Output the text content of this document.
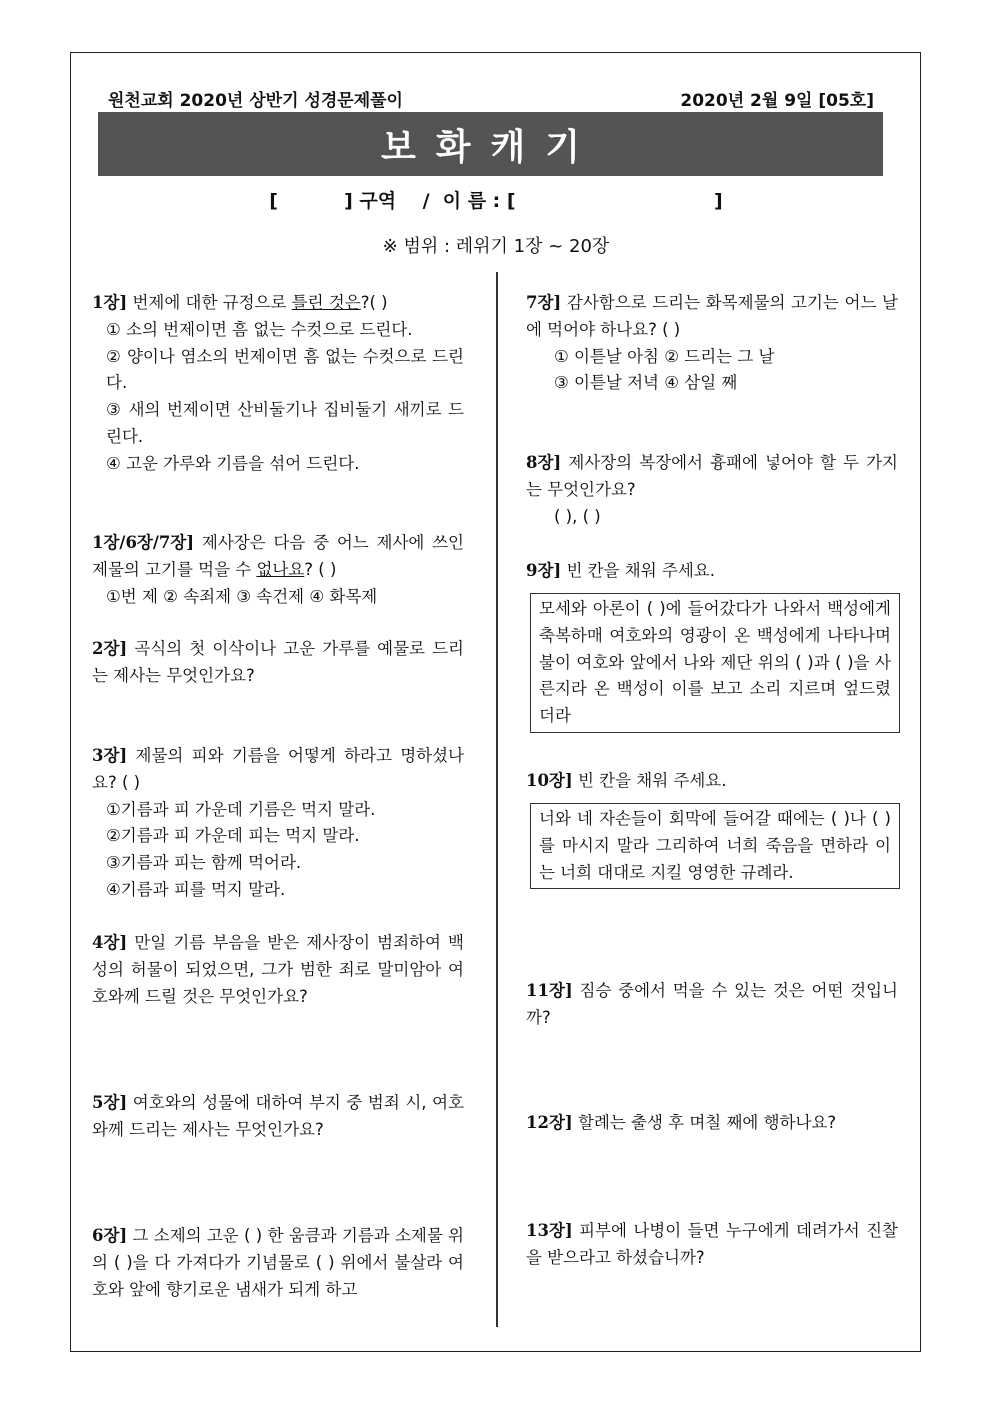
원천교회 2020년 상반기 성경문제풀이	2020년 2월 9일 [05호]
보화캐기
[          ] 구역    /  이 름 : [                              ]
※ 범위 : 레위기 1장 ~ 20장

1장] 번제에 대한 규정으로 틀린 것은?( )

① 소의 번제이면 흠 없는 수컷으로 드린다.

② 양이나 염소의 번제이면 흠 없는 수컷으로 드린다.

③ 새의 번제이면 산비둘기나 집비둘기 새끼로 드린다.

④ 고운 가루와 기름을 섞어 드린다.

1장/6장/7장] 제사장은 다음 중 어느 제사에 쓰인 제물의 고기를 먹을 수 없나요? ( )

①번 제 ② 속죄제 ③ 속건제 ④ 화목제

2장] 곡식의 첫 이삭이나 고운 가루를 예물로 드리는 제사는 무엇인가요?

3장] 제물의 피와 기름을 어떻게 하라고 명하셨나요? ( )

①기름과 피 가운데 기름은 먹지 말라.

②기름과 피 가운데 피는 먹지 말라.

③기름과 피는 함께 먹어라.

④기름과 피를 먹지 말라.

4장] 만일 기름 부음을 받은 제사장이 범죄하여 백성의 허물이 되었으면, 그가 범한 죄로 말미암아 여호와께 드릴 것은 무엇인가요?

5장] 여호와의 성물에 대하여 부지 중 범죄 시, 여호와께 드리는 제사는 무엇인가요?

6장] 그 소제의 고운 ( ) 한 움큼과 기름과 소제물 위의 ( )을 다 가져다가 기념물로 ( ) 위에서 불살라 여호와 앞에 향기로운 냄새가 되게 하고

7장] 감사함으로 드리는 화목제물의 고기는 어느 날에 먹어야 하나요? ( )

① 이튿날 아침 ② 드리는 그 날

③ 이튿날 저녁 ④ 삼일 째

8장] 제사장의 복장에서 흉패에 넣어야 할 두 가지는 무엇인가요?

( ), ( )

9장] 빈 칸을 채워 주세요.

모세와 아론이 ( )에 들어갔다가 나와서 백성에게 축복하매 여호와의 영광이 온 백성에게 나타나며 불이 여호와 앞에서 나와 제단 위의 ( )과 ( )을 사른지라 온 백성이 이를 보고 소리 지르며 엎드렸더라

10장] 빈 칸을 채워 주세요.

너와 네 자손들이 회막에 들어갈 때에는 ( )나 ( )를 마시지 말라 그리하여 너희 죽음을 면하라 이는 너희 대대로 지킬 영영한 규례라.

11장] 짐승 중에서 먹을 수 있는 것은 어떤 것입니까?

12장] 할례는 출생 후 며칠 째에 행하나요?

13장] 피부에 나병이 들면 누구에게 데려가서 진찰을 받으라고 하셨습니까?
